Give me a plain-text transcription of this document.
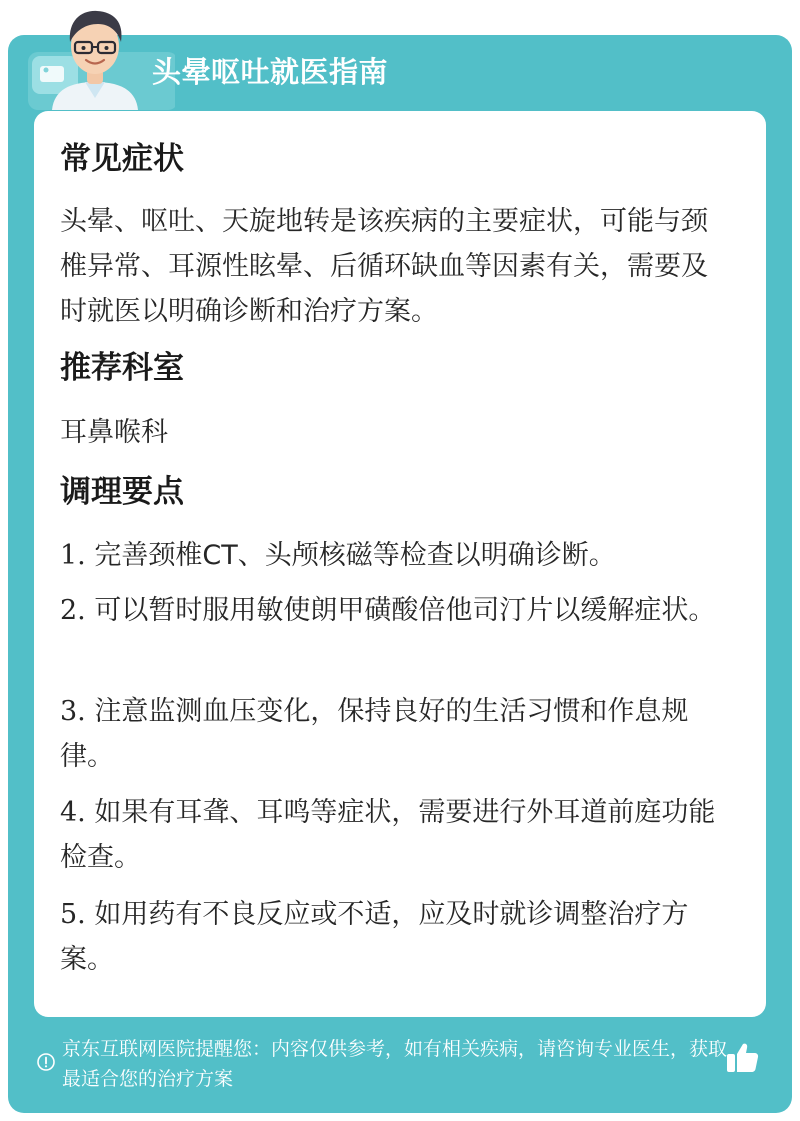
头晕呕吐就医指南
常见症状
头晕、呕吐、天旋地转是该疾病的主要症状，可能与颈椎异常、耳源性眩晕、后循环缺血等因素有关，需要及时就医以明确诊断和治疗方案。
推荐科室
耳鼻喉科
调理要点
1. 完善颈椎CT、头颅核磁等检查以明确诊断。
2. 可以暂时服用敏使朗甲磺酸倍他司汀片以缓解症状。
3. 注意监测血压变化，保持良好的生活习惯和作息规律。
4. 如果有耳聋、耳鸣等症状，需要进行外耳道前庭功能检查。
5. 如用药有不良反应或不适，应及时就诊调整治疗方案。
京东互联网医院提醒您：内容仅供参考，如有相关疾病，请咨询专业医生，获取最适合您的治疗方案
